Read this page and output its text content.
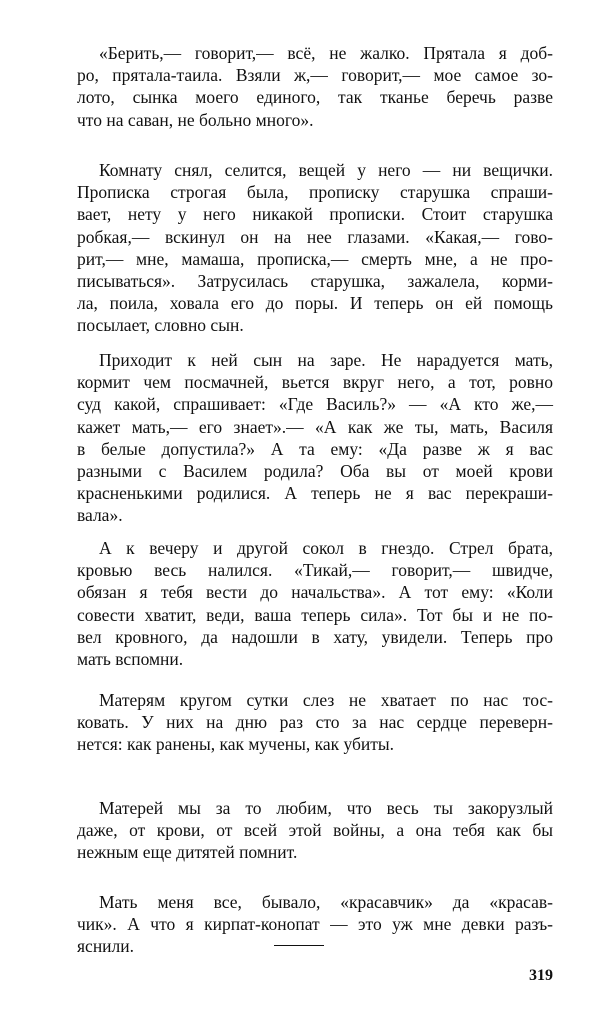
«Берить,— говорит,— всё, не жалко. Прятала я доб-
ро, прятала-таила. Взяли ж,— говорит,— мое самое зо-
лото, сынка моего единого, так тканье беречь разве
что на саван, не больно много».
Комнату снял, селится, вещей у него — ни вещички.
Прописка строгая была, прописку старушка спраши-
вает, нету у него никакой прописки. Стоит старушка
робкая,— вскинул он на нее глазами. «Какая,— гово-
рит,— мне, мамаша, прописка,— смерть мне, а не про-
писываться». Затрусилась старушка, зажалела, корми-
ла, поила, ховала его до поры. И теперь он ей помощь
посылает, словно сын.
Приходит к ней сын на заре. Не нарадуется мать,
кормит чем посмачней, вьется вкруг него, а тот, ровно
суд какой, спрашивает: «Где Василь?» — «А кто же,—
кажет мать,— его знает».— «А как же ты, мать, Василя
в белые допустила?» А та ему: «Да разве ж я вас
разными с Василем родила? Оба вы от моей крови
красненькими родилися. А теперь не я вас перекраши-
вала».
А к вечеру и другой сокол в гнездо. Стрел брата,
кровью весь налился. «Тикай,— говорит,— швидче,
обязан я тебя вести до начальства». А тот ему: «Коли
совести хватит, веди, ваша теперь сила». Тот бы и не по-
вел кровного, да надошли в хату, увидели. Теперь про
мать вспомни.
Матерям кругом сутки слез не хватает по нас тос-
ковать. У них на дню раз сто за нас сердце переверн-
нется: как ранены, как мучены, как убиты.
Матерей мы за то любим, что весь ты закорузлый
даже, от крови, от всей этой войны, а она тебя как бы
нежным еще дитятей помнит.
Мать меня все, бывало, «красавчик» да «красав-
чик». А что я кирпат-конопат — это уж мне девки разъ-
яснили.
319
